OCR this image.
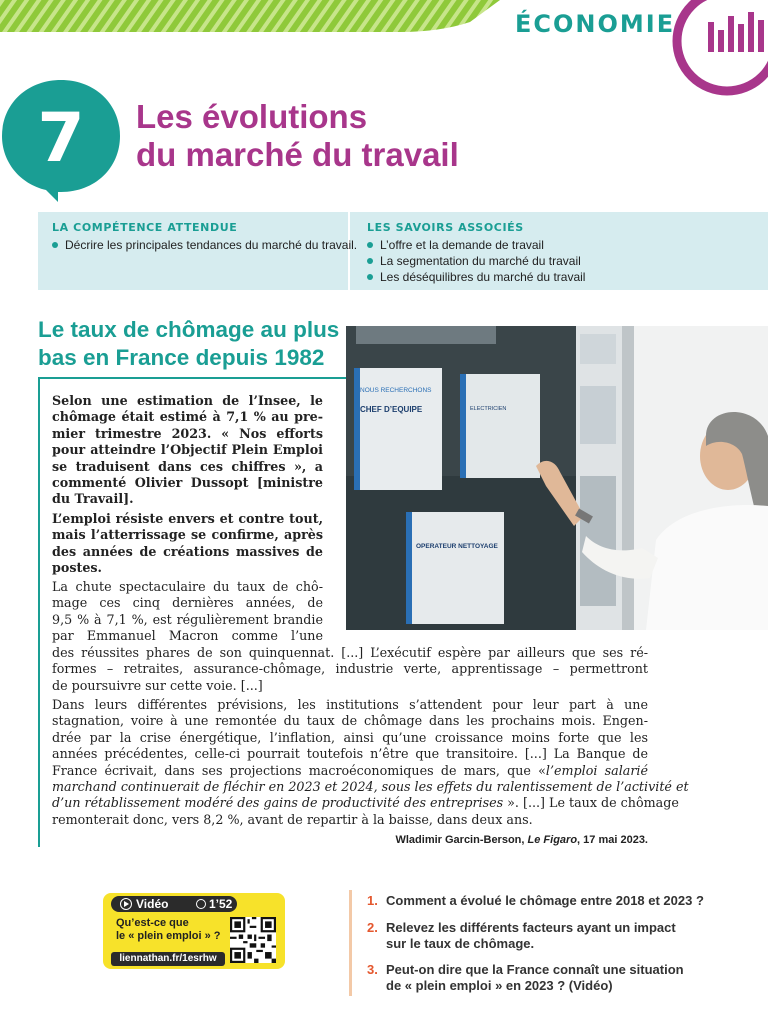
ÉCONOMIE
7	Les évolutions
du marché du travail
LA COMPÉTENCE ATTENDUE
Décrire les principales tendances du marché du travail.
LES SAVOIRS ASSOCIÉS
L’offre et la demande de travail
La segmentation du marché du travail
Les déséquilibres du marché du travail
Le taux de chômage au plus
bas en France depuis 1982
NOUS RECHERCHONS
CHEF D’EQUIPE	ELECTRICIEN
OPERATEUR NETTOYAGE
Selon une estimation de l’Insee, le
chômage était estimé à 7,1 % au pre-
mier trimestre 2023. « Nos efforts
pour atteindre l’Objectif Plein Emploi
se traduisent dans ces chiffres », a
commenté Olivier Dussopt [ministre
du Travail].
L’emploi résiste envers et contre tout,
mais l’atterrissage se confirme, après
des années de créations massives de
postes.
La chute spectaculaire du taux de chô-
mage ces cinq dernières années, de
9,5 % à 7,1 %, est régulièrement brandie
par Emmanuel Macron comme l’une
des réussites phares de son quinquennat. [...] L’exécutif espère par ailleurs que ses ré-
formes – retraites, assurance-chômage, industrie verte, apprentissage – permettront
de poursuivre sur cette voie. [...]
Dans leurs différentes prévisions, les institutions s’attendent pour leur part à une
stagnation, voire à une remontée du taux de chômage dans les prochains mois. Engen-
drée par la crise énergétique, l’inflation, ainsi qu’une croissance moins forte que les
années précédentes, celle-ci pourrait toutefois n’être que transitoire. [...] La Banque de
France écrivait, dans ses projections macroéconomiques de mars, que «l’emploi salarié
marchand continuerait de fléchir en 2023 et 2024, sous les effets du ralentissement de l’activité et
d’un rétablissement modéré des gains de productivité des entreprises ». [...] Le taux de chômage
remonterait donc, vers 8,2 %, avant de repartir à la baisse, dans deux ans.
Wladimir Garcin-Berson, Le Figaro, 17 mai 2023.
Vidéo	1’52
Qu’est-ce que
le « plein emploi » ?
liennathan.fr/1esrhw
1. Comment a évolué le chômage entre 2018 et 2023 ?
2. Relevez les différents facteurs ayant un impact
sur le taux de chômage.
3. Peut-on dire que la France connaît une situation
de « plein emploi » en 2023 ? (Vidéo)
